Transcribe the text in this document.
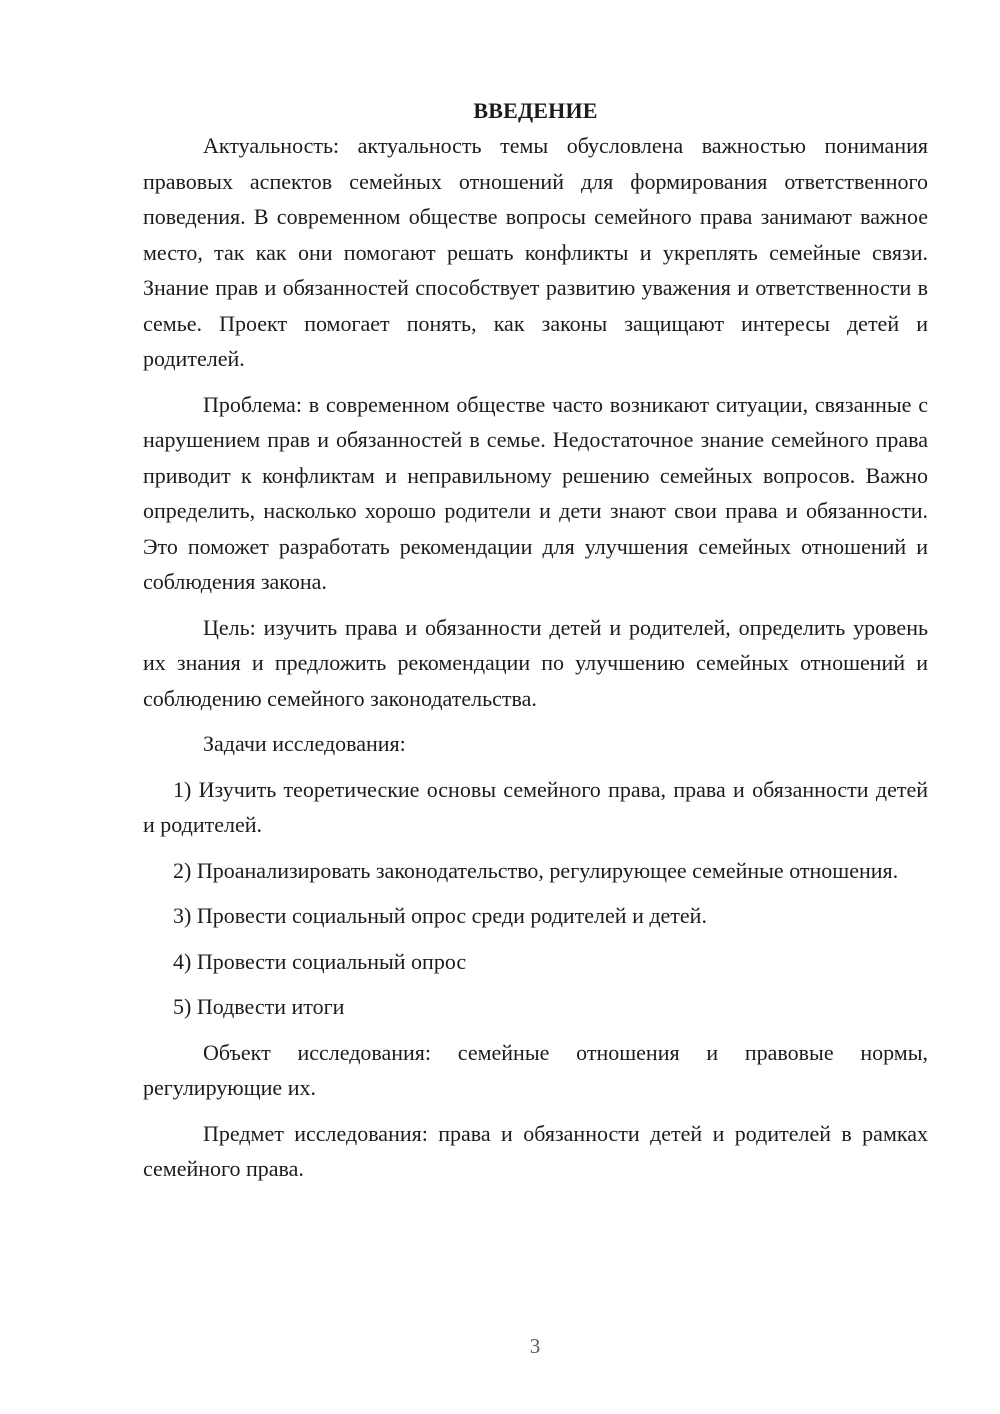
ВВЕДЕНИЕ

Актуальность: актуальность темы обусловлена важностью понимания правовых аспектов семейных отношений для формирования ответственного поведения. В современном обществе вопросы семейного права занимают важное место, так как они помогают решать конфликты и укреплять семейные связи. Знание прав и обязанностей способствует развитию уважения и ответственности в семье. Проект помогает понять, как законы защищают интересы детей и родителей.

Проблема: в современном обществе часто возникают ситуации, связанные с нарушением прав и обязанностей в семье. Недостаточное знание семейного права приводит к конфликтам и неправильному решению семейных вопросов. Важно определить, насколько хорошо родители и дети знают свои права и обязанности. Это поможет разработать рекомендации для улучшения семейных отношений и соблюдения закона.

Цель: изучить права и обязанности детей и родителей, определить уровень их знания и предложить рекомендации по улучшению семейных отношений и соблюдению семейного законодательства.

Задачи исследования:

1) Изучить теоретические основы семейного права, права и обязанности детей и родителей.

2) Проанализировать законодательство, регулирующее семейные отношения.

3) Провести социальный опрос среди родителей и детей.

4) Провести социальный опрос

5) Подвести итоги

Объект исследования: семейные отношения и правовые нормы, регулирующие их.

Предмет исследования: права и обязанности детей и родителей в рамках семейного права.

3
